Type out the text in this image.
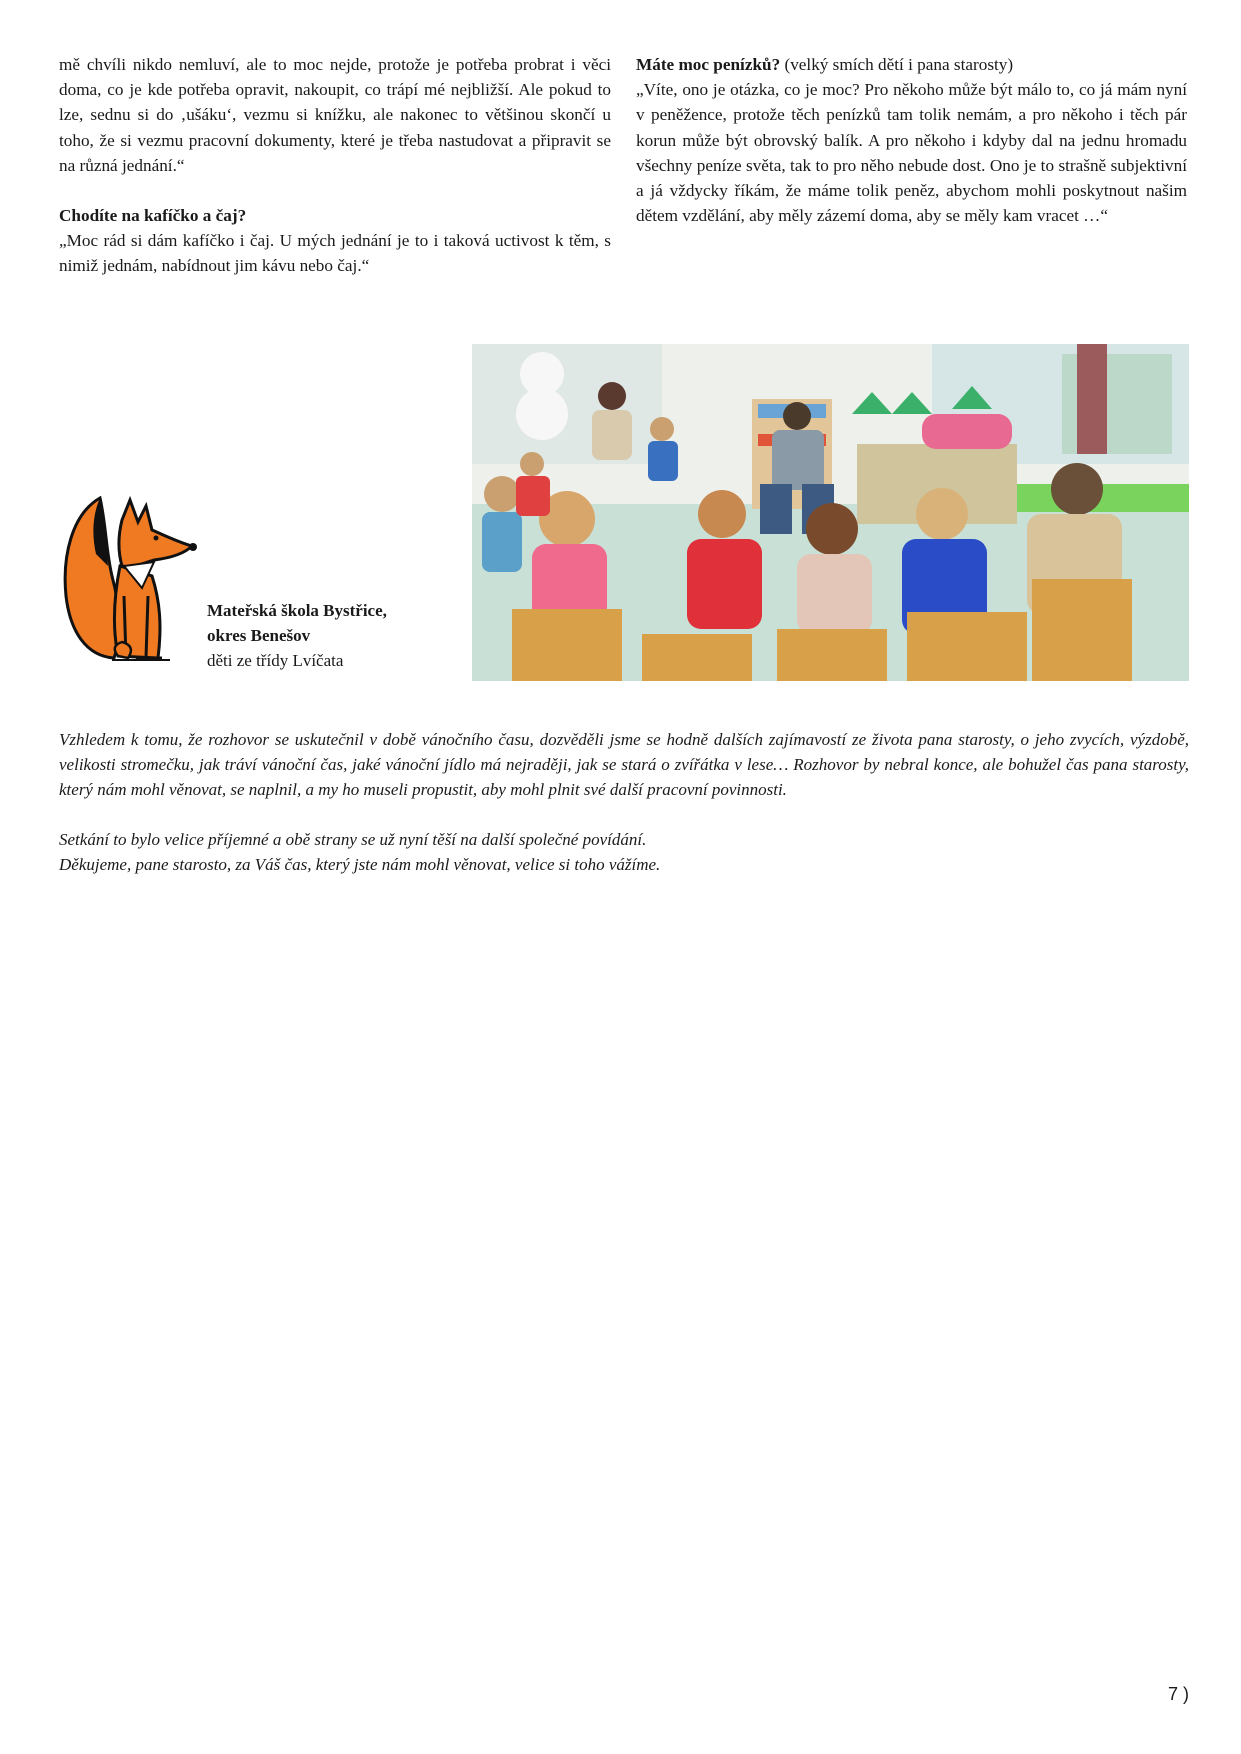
mě chvíli nikdo nemluví, ale to moc nejde, protože je potřeba probrat i věci doma, co je kde potřeba opravit, nakoupit, co trápí mé nejbližší. Ale pokud to lze, sednu si do ‚ušáku‘, vezmu si knížku, ale nakonec to většinou skončí u toho, že si vezmu pracovní dokumenty, které je třeba nastudovat a připravit se na různá jednání.“

Chodíte na kafíčko a čaj?

„Moc rád si dám kafíčko i čaj. U mých jednání je to i taková uctivost k těm, s nimiž jednám, nabídnout jim kávu nebo čaj.“

Máte moc penízků? (velký smích dětí i pana starosty)

„Víte, ono je otázka, co je moc? Pro někoho může být málo to, co já mám nyní v peněžence, protože těch penízků tam tolik nemám, a pro někoho i těch pár korun může být obrovský balík. A pro někoho i kdyby dal na jednu hromadu všechny peníze světa, tak to pro něho nebude dost. Ono je to strašně subjektivní a já vždycky říkám, že máme tolik peněz, abychom mohli poskytnout našim dětem vzdělání, aby měly zázemí doma, aby se měly kam vracet …“

Mateřská škola Bystřice,
okres Benešov
děti ze třídy Lvíčata

Vzhledem k tomu, že rozhovor se uskutečnil v době vánočního času, dozvěděli jsme se hodně dalších zajímavostí ze života pana starosty, o jeho zvycích, výzdobě, velikosti stromečku, jak tráví vánoční čas, jaké vánoční jídlo má nejraději, jak se stará o zvířátka v lese… Rozhovor by nebral konce, ale bohužel čas pana starosty, který nám mohl věnovat, se naplnil, a my ho museli propustit, aby mohl plnit své další pracovní povinnosti.

Setkání to bylo velice příjemné a obě strany se už nyní těší na další společné povídání.

Děkujeme, pane starosto, za Váš čas, který jste nám mohl věnovat, velice si toho vážíme.

7 )
